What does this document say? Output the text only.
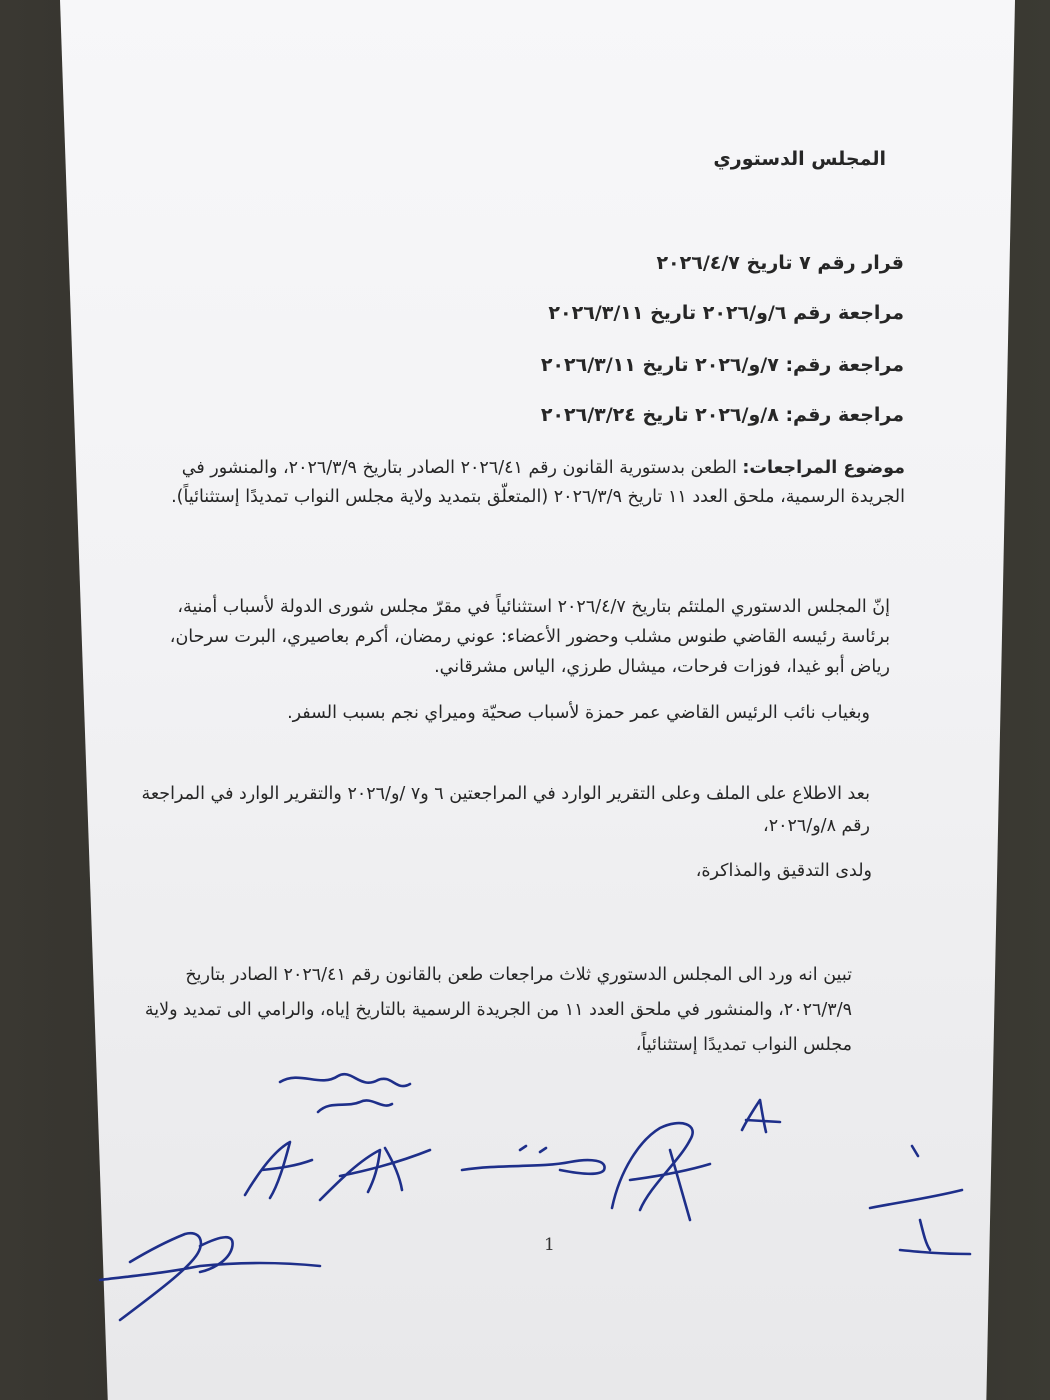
المجلس الدستوري
قرار رقم ٧ تاريخ ٢٠٢٦/٤/٧
مراجعة رقم ٦/و/٢٠٢٦ تاريخ ٢٠٢٦/٣/١١
مراجعة رقم: ٧/و/٢٠٢٦ تاريخ ٢٠٢٦/٣/١١
مراجعة رقم: ٨/و/٢٠٢٦ تاريخ ٢٠٢٦/٣/٢٤
موضوع المراجعات: الطعن بدستورية القانون رقم ٢٠٢٦/٤١ الصادر بتاريخ ٢٠٢٦/٣/٩، والمنشور في الجريدة الرسمية، ملحق العدد ١١ تاريخ ٢٠٢٦/٣/٩ (المتعلّق بتمديد ولاية مجلس النواب تمديدًا إستثنائياً).
إنّ المجلس الدستوري الملتئم بتاريخ ٢٠٢٦/٤/٧ استثنائياً في مقرّ مجلس شورى الدولة لأسباب أمنية، برئاسة رئيسه القاضي طنوس مشلب وحضور الأعضاء: عوني رمضان، أكرم بعاصيري، البرت سرحان، رياض أبو غيدا، فوزات فرحات، ميشال طرزي، الياس مشرقاني.
وبغياب نائب الرئيس القاضي عمر حمزة لأسباب صحيّة وميراي نجم بسبب السفر.
بعد الاطلاع على الملف وعلى التقرير الوارد في المراجعتين ٦ و٧ /و/٢٠٢٦ والتقرير الوارد في المراجعة رقم ٨/و/٢٠٢٦،
ولدى التدقيق والمذاكرة،
تبين انه ورد الى المجلس الدستوري ثلاث مراجعات طعن بالقانون رقم ٢٠٢٦/٤١ الصادر بتاريخ ٢٠٢٦/٣/٩، والمنشور في ملحق العدد ١١ من الجريدة الرسمية بالتاريخ إياه، والرامي الى تمديد ولاية مجلس النواب تمديدًا إستثنائياً،
1
